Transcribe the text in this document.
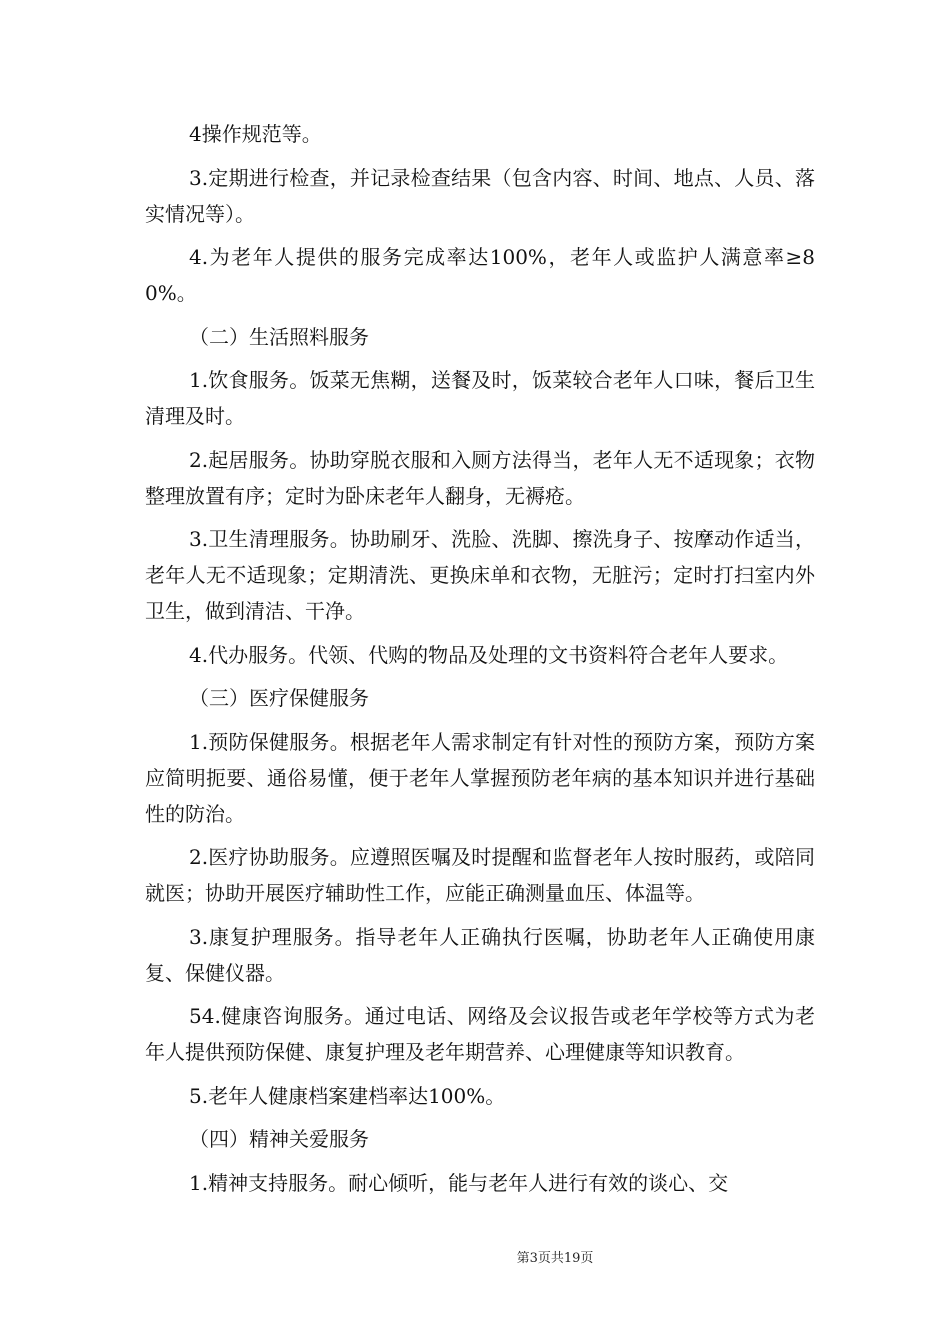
4操作规范等。

3.定期进行检查，并记录检查结果（包含内容、时间、地点、人员、落实情况等）。

4.为老年人提供的服务完成率达100%，老年人或监护人满意率≥80%。

（二）生活照料服务

1.饮食服务。饭菜无焦糊，送餐及时，饭菜较合老年人口味，餐后卫生清理及时。

2.起居服务。协助穿脱衣服和入厕方法得当，老年人无不适现象；衣物整理放置有序；定时为卧床老年人翻身，无褥疮。

3.卫生清理服务。协助刷牙、洗脸、洗脚、擦洗身子、按摩动作适当，老年人无不适现象；定期清洗、更换床单和衣物，无脏污；定时打扫室内外卫生，做到清洁、干净。

4.代办服务。代领、代购的物品及处理的文书资料符合老年人要求。

（三）医疗保健服务

1.预防保健服务。根据老年人需求制定有针对性的预防方案，预防方案应简明扼要、通俗易懂，便于老年人掌握预防老年病的基本知识并进行基础性的防治。

2.医疗协助服务。应遵照医嘱及时提醒和监督老年人按时服药，或陪同就医；协助开展医疗辅助性工作，应能正确测量血压、体温等。

3.康复护理服务。指导老年人正确执行医嘱，协助老年人正确使用康复、保健仪器。

54.健康咨询服务。通过电话、网络及会议报告或老年学校等方式为老年人提供预防保健、康复护理及老年期营养、心理健康等知识教育。

5.老年人健康档案建档率达100%。

（四）精神关爱服务

1.精神支持服务。耐心倾听，能与老年人进行有效的谈心、交

第3页共19页
